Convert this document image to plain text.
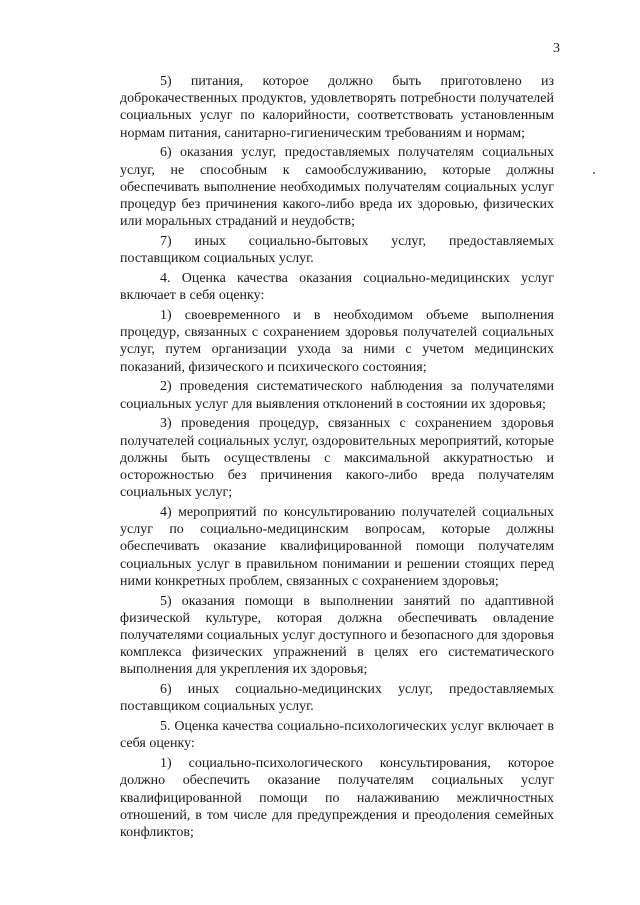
3

5) питания, которое должно быть приготовлено из доброкачественных продуктов, удовлетворять потребности получателей социальных услуг по калорийности, соответствовать установленным нормам питания, санитарно-гигиеническим требованиям и нормам;

6) оказания услуг, предоставляемых получателям социальных услуг, не способным к самообслуживанию, которые должны обеспечивать выполнение необходимых получателям социальных услуг процедур без причинения какого-либо вреда их здоровью, физических или моральных страданий и неудобств;

7) иных социально-бытовых услуг, предоставляемых поставщиком социальных услуг.

4. Оценка качества оказания социально-медицинских услуг включает в себя оценку:

1) своевременного и в необходимом объеме выполнения процедур, связанных с сохранением здоровья получателей социальных услуг, путем организации ухода за ними с учетом медицинских показаний, физического и психического состояния;

2) проведения систематического наблюдения за получателями социальных услуг для выявления отклонений в состоянии их здоровья;

3) проведения процедур, связанных с сохранением здоровья получателей социальных услуг, оздоровительных мероприятий, которые должны быть осуществлены с максимальной аккуратностью и осторожностью без причинения какого-либо вреда получателям социальных услуг;

4) мероприятий по консультированию получателей социальных услуг по социально-медицинским вопросам, которые должны обеспечивать оказание квалифицированной помощи получателям социальных услуг в правильном понимании и решении стоящих перед ними конкретных проблем, связанных с сохранением здоровья;

5) оказания помощи в выполнении занятий по адаптивной физической культуре, которая должна обеспечивать овладение получателями социальных услуг доступного и безопасного для здоровья комплекса физических упражнений в целях его систематического выполнения для укрепления их здоровья;

6) иных социально-медицинских услуг, предоставляемых поставщиком социальных услуг.

5. Оценка качества социально-психологических услуг включает в себя оценку:

1) социально-психологического консультирования, которое должно обеспечить оказание получателям социальных услуг квалифицированной помощи по налаживанию межличностных отношений, в том числе для предупреждения и преодоления семейных конфликтов;
